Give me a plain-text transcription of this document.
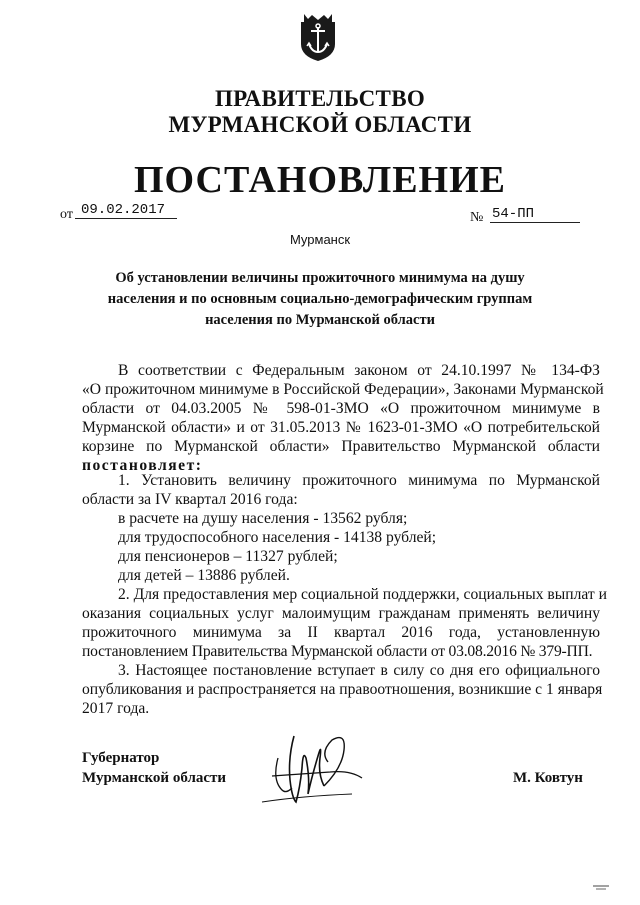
ПРАВИТЕЛЬСТВО
МУРМАНСКОЙ ОБЛАСТИ
ПОСТАНОВЛЕНИЕ
от 09.02.2017	№ 54-ПП
Мурманск
Об установлении величины прожиточного минимума на душу
населения и по основным социально-демографическим группам
населения по Мурманской области
В соответствии с Федеральным законом от 24.10.1997 № 134-ФЗ
«О прожиточном минимуме в Российской Федерации», Законами Мурманской
области от 04.03.2005 № 598-01-ЗМО «О прожиточном минимуме в
Мурманской области» и от 31.05.2013 № 1623-01-ЗМО «О потребительской
корзине по Мурманской области» Правительство Мурманской области
постановляет:
1. Установить величину прожиточного минимума по Мурманской
области за IV квартал 2016 года:
в расчете на душу населения - 13562 рубля;
для трудоспособного населения - 14138 рублей;
для пенсионеров – 11327 рублей;
для детей – 13886 рублей.
2. Для предоставления мер социальной поддержки, социальных выплат и
оказания социальных услуг малоимущим гражданам применять величину
прожиточного минимума за II квартал 2016 года, установленную
постановлением Правительства Мурманской области от 03.08.2016 № 379-ПП.
3. Настоящее постановление вступает в силу со дня его официального
опубликования и распространяется на правоотношения, возникшие с 1 января
2017 года.
Губернатор
Мурманской области	М. Ковтун
